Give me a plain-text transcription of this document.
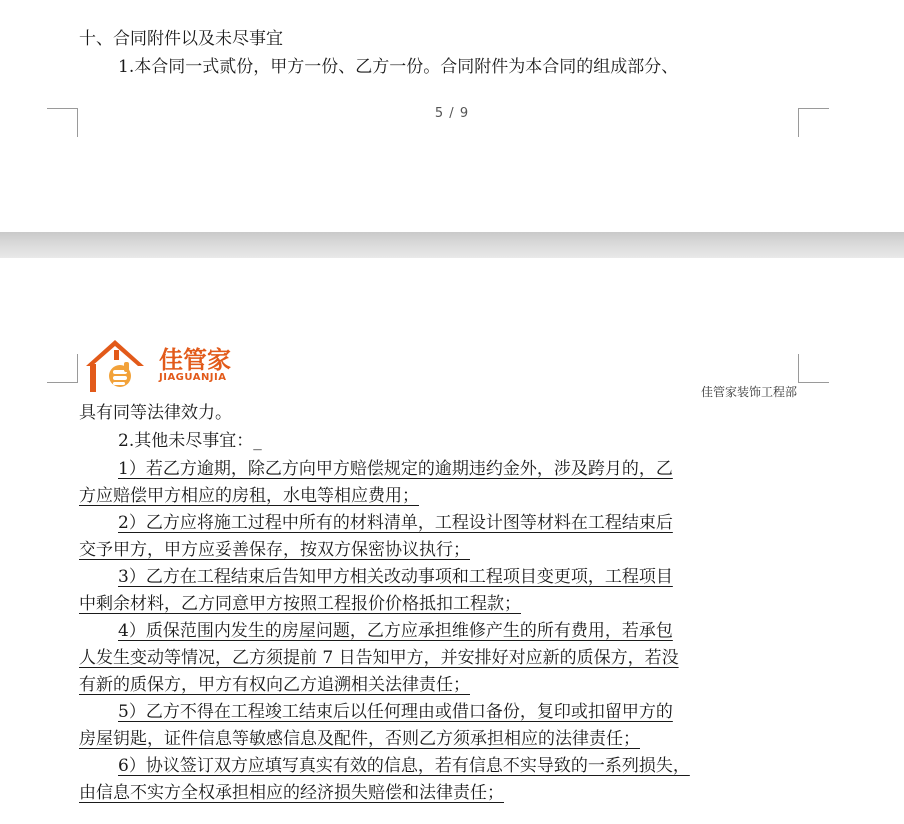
十、合同附件以及未尽事宜
1.本合同一式贰份，甲方一份、乙方一份。合同附件为本合同的组成部分、
5 / 9
佳管家
JIAGUANJIA
佳管家装饰工程部
具有同等法律效力。
2.其他未尽事宜：_
1）若乙方逾期，除乙方向甲方赔偿规定的逾期违约金外，涉及跨月的，乙
方应赔偿甲方相应的房租，水电等相应费用；
2）乙方应将施工过程中所有的材料清单，工程设计图等材料在工程结束后
交予甲方，甲方应妥善保存，按双方保密协议执行；
3）乙方在工程结束后告知甲方相关改动事项和工程项目变更项，工程项目
中剩余材料，乙方同意甲方按照工程报价价格抵扣工程款；
4）质保范围内发生的房屋问题，乙方应承担维修产生的所有费用，若承包
人发生变动等情况，乙方须提前 7 日告知甲方，并安排好对应新的质保方，若没
有新的质保方，甲方有权向乙方追溯相关法律责任；
5）乙方不得在工程竣工结束后以任何理由或借口备份，复印或扣留甲方的
房屋钥匙，证件信息等敏感信息及配件，否则乙方须承担相应的法律责任；
6）协议签订双方应填写真实有效的信息，若有信息不实导致的一系列损失，
由信息不实方全权承担相应的经济损失赔偿和法律责任；
